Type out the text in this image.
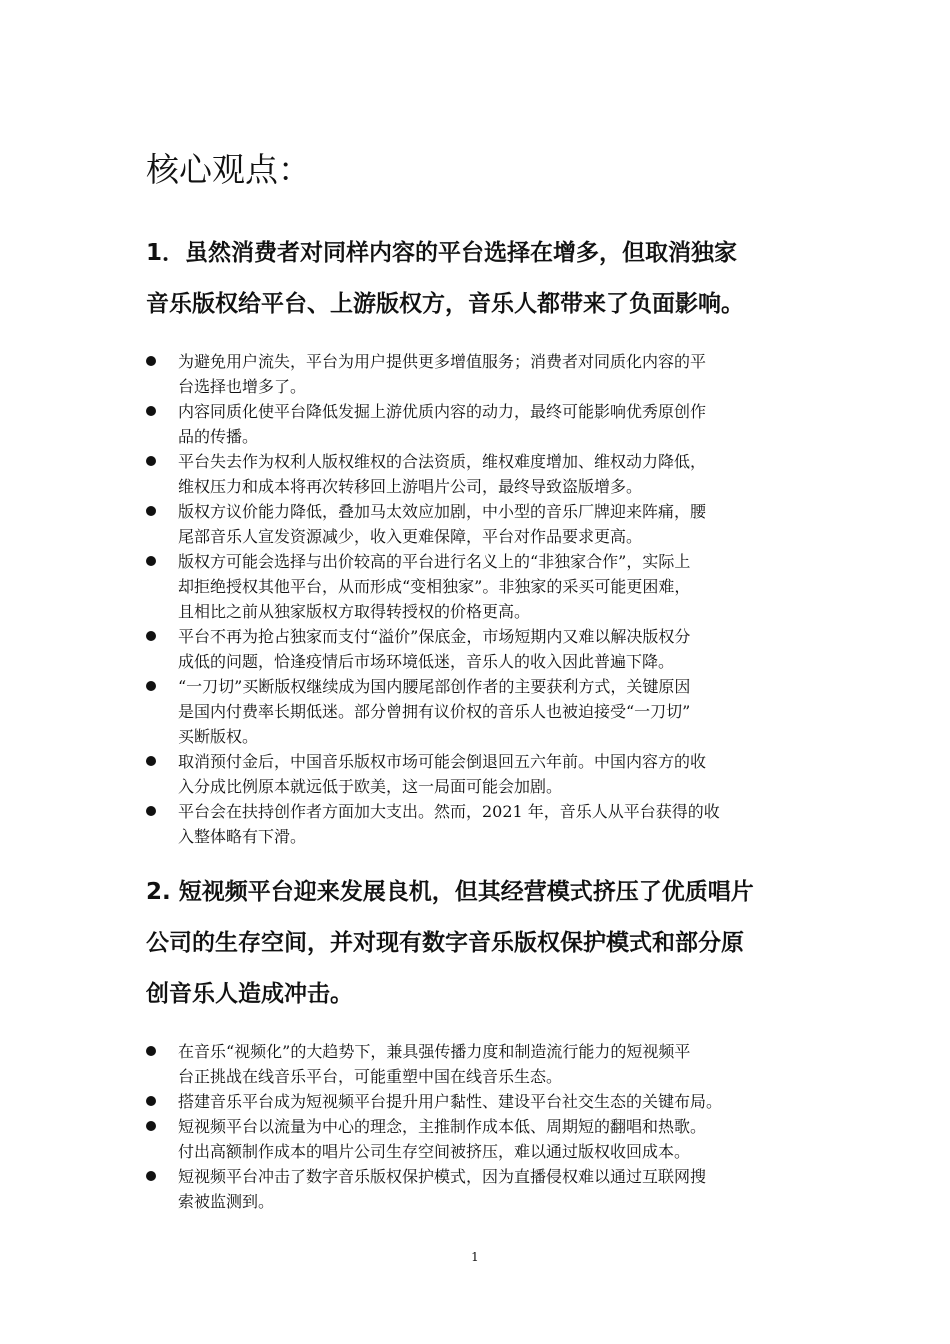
核心观点：
1．虽然消费者对同样内容的平台选择在增多，但取消独家
音乐版权给平台、上游版权方，音乐人都带来了负面影响。
为避免用户流失，平台为用户提供更多增值服务；消费者对同质化内容的平
台选择也增多了。
内容同质化使平台降低发掘上游优质内容的动力，最终可能影响优秀原创作
品的传播。
平台失去作为权利人版权维权的合法资质，维权难度增加、维权动力降低，
维权压力和成本将再次转移回上游唱片公司，最终导致盗版增多。
版权方议价能力降低，叠加马太效应加剧，中小型的音乐厂牌迎来阵痛，腰
尾部音乐人宣发资源减少，收入更难保障，平台对作品要求更高。
版权方可能会选择与出价较高的平台进行名义上的“非独家合作”，实际上
却拒绝授权其他平台，从而形成“变相独家”。非独家的采买可能更困难，
且相比之前从独家版权方取得转授权的价格更高。
平台不再为抢占独家而支付“溢价”保底金，市场短期内又难以解决版权分
成低的问题，恰逢疫情后市场环境低迷，音乐人的收入因此普遍下降。
“一刀切”买断版权继续成为国内腰尾部创作者的主要获利方式，关键原因
是国内付费率长期低迷。部分曾拥有议价权的音乐人也被迫接受“一刀切”
买断版权。
取消预付金后，中国音乐版权市场可能会倒退回五六年前。中国内容方的收
入分成比例原本就远低于欧美，这一局面可能会加剧。
平台会在扶持创作者方面加大支出。然而，2021 年，音乐人从平台获得的收
入整体略有下滑。
2. 短视频平台迎来发展良机，但其经营模式挤压了优质唱片
公司的生存空间，并对现有数字音乐版权保护模式和部分原
创音乐人造成冲击。
在音乐“视频化”的大趋势下，兼具强传播力度和制造流行能力的短视频平
台正挑战在线音乐平台，可能重塑中国在线音乐生态。
搭建音乐平台成为短视频平台提升用户黏性、建设平台社交生态的关键布局。
短视频平台以流量为中心的理念，主推制作成本低、周期短的翻唱和热歌。
付出高额制作成本的唱片公司生存空间被挤压，难以通过版权收回成本。
短视频平台冲击了数字音乐版权保护模式，因为直播侵权难以通过互联网搜
索被监测到。
1
